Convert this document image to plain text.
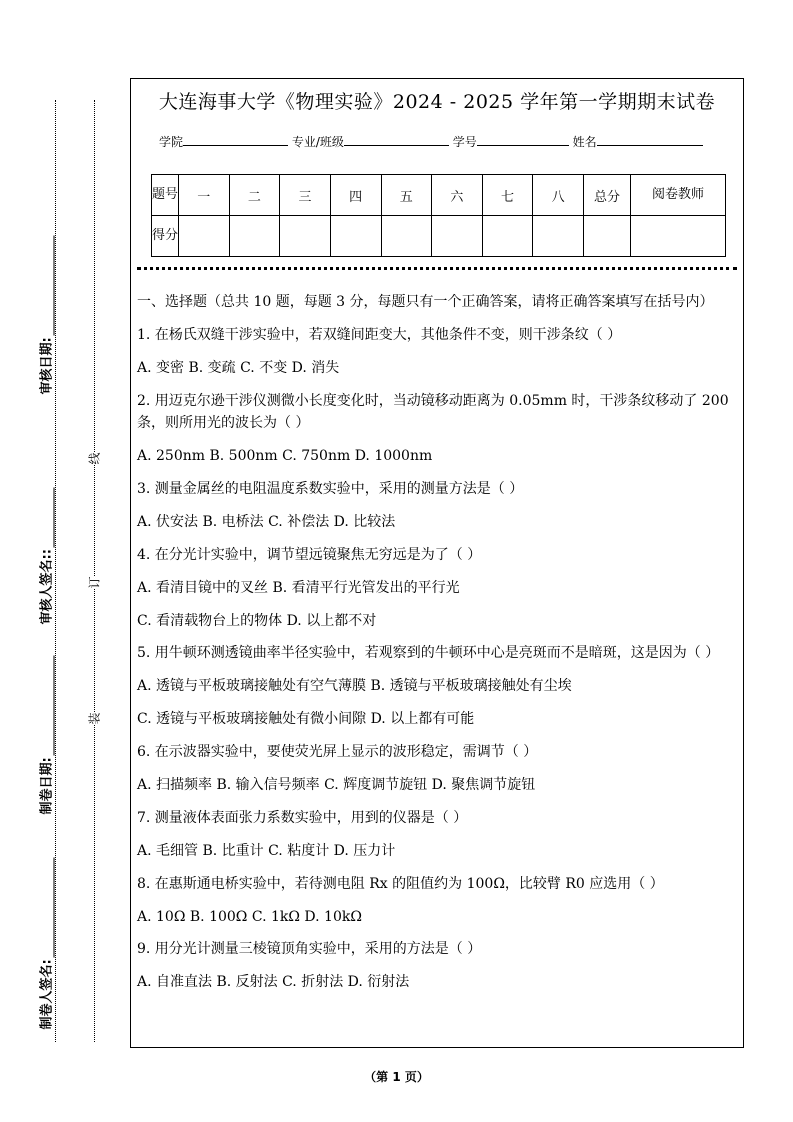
审核日期:
审核人签名::
制卷日期:
制卷人签名:
线
订
装
大连海事大学《物理实验》2024 - 2025 学年第一学期期末试卷
学院	专业/班级	学号	姓名
题号	一	二	三	四	五	六	七	八	总分	阅卷教师
得分										

一、选择题（总共 10 题，每题 3 分，每题只有一个正确答案，请将正确答案填写在括号内）

1. 在杨氏双缝干涉实验中，若双缝间距变大，其他条件不变，则干涉条纹（ ）

A. 变密 B. 变疏 C. 不变 D. 消失

2. 用迈克尔逊干涉仪测微小长度变化时，当动镜移动距离为 0.05mm 时，干涉条纹移动了 200 条，则所用光的波长为（ ）

A. 250nm B. 500nm C. 750nm D. 1000nm

3. 测量金属丝的电阻温度系数实验中，采用的测量方法是（ ）

A. 伏安法 B. 电桥法 C. 补偿法 D. 比较法

4. 在分光计实验中，调节望远镜聚焦无穷远是为了（ ）

A. 看清目镜中的叉丝 B. 看清平行光管发出的平行光

C. 看清载物台上的物体 D. 以上都不对

5. 用牛顿环测透镜曲率半径实验中，若观察到的牛顿环中心是亮斑而不是暗斑，这是因为（ ）

A. 透镜与平板玻璃接触处有空气薄膜 B. 透镜与平板玻璃接触处有尘埃

C. 透镜与平板玻璃接触处有微小间隙 D. 以上都有可能

6. 在示波器实验中，要使荧光屏上显示的波形稳定，需调节（ ）

A. 扫描频率 B. 输入信号频率 C. 辉度调节旋钮 D. 聚焦调节旋钮

7. 测量液体表面张力系数实验中，用到的仪器是（ ）

A. 毛细管 B. 比重计 C. 粘度计 D. 压力计

8. 在惠斯通电桥实验中，若待测电阻 Rx 的阻值约为 100Ω，比较臂 R0 应选用（ ）

A. 10Ω B. 100Ω C. 1kΩ D. 10kΩ

9. 用分光计测量三棱镜顶角实验中，采用的方法是（ ）

A. 自准直法 B. 反射法 C. 折射法 D. 衍射法

（第 1 页）
